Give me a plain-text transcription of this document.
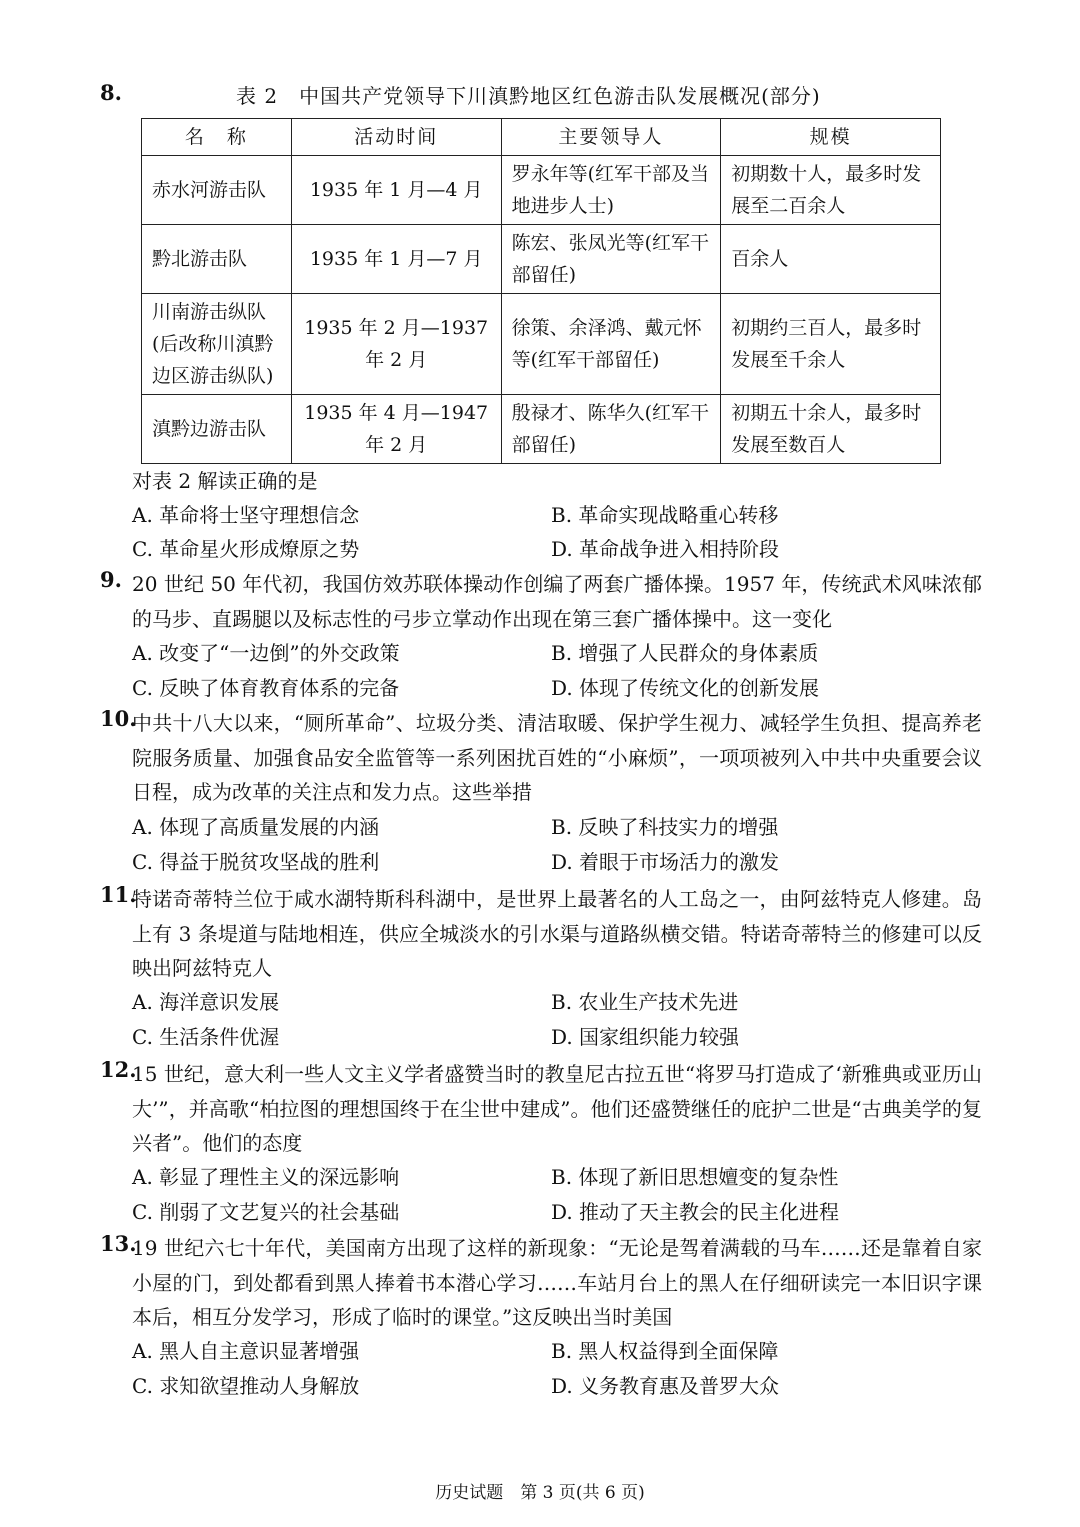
8.	表 2　中国共产党领导下川滇黔地区红色游击队发展概况(部分)
名　称	活动时间	主要领导人	规模
赤水河游击队	1935 年 1 月—4 月	罗永年等(红军干部及当地进步人士)	初期数十人，最多时发展至二百余人
黔北游击队	1935 年 1 月—7 月	陈宏、张凤光等(红军干部留任)	百余人
川南游击纵队(后改称川滇黔边区游击纵队)	1935 年 2 月—1937 年 2 月	徐策、余泽鸿、戴元怀等(红军干部留任)	初期约三百人，最多时发展至千余人
滇黔边游击队	1935 年 4 月—1947 年 2 月	殷禄才、陈华久(红军干部留任)	初期五十余人，最多时发展至数百人
对表 2 解读正确的是
A. 革命将士坚守理想信念	B. 革命实现战略重心转移
C. 革命星火形成燎原之势	D. 革命战争进入相持阶段
9. 20 世纪 50 年代初，我国仿效苏联体操动作创编了两套广播体操。1957 年，传统武术风味浓郁的马步、直踢腿以及标志性的弓步立掌动作出现在第三套广播体操中。这一变化
A. 改变了“一边倒”的外交政策	B. 增强了人民群众的身体素质
C. 反映了体育教育体系的完备	D. 体现了传统文化的创新发展
10.
中共十八大以来，“厕所革命”、垃圾分类、清洁取暖、保护学生视力、减轻学生负担、提高养老院服务质量、加强食品安全监管等一系列困扰百姓的“小麻烦”，一项项被列入中共中央重要会议日程，成为改革的关注点和发力点。这些举措
A. 体现了高质量发展的内涵	B. 反映了科技实力的增强
C. 得益于脱贫攻坚战的胜利	D. 着眼于市场活力的激发
11.
特诺奇蒂特兰位于咸水湖特斯科科湖中，是世界上最著名的人工岛之一，由阿兹特克人修建。岛上有 3 条堤道与陆地相连，供应全城淡水的引水渠与道路纵横交错。特诺奇蒂特兰的修建可以反映出阿兹特克人
A. 海洋意识发展	B. 农业生产技术先进
C. 生活条件优渥	D. 国家组织能力较强
12.
15 世纪，意大利一些人文主义学者盛赞当时的教皇尼古拉五世“将罗马打造成了‘新雅典或亚历山大’”，并高歌“柏拉图的理想国终于在尘世中建成”。他们还盛赞继任的庇护二世是“古典美学的复兴者”。他们的态度
A. 彰显了理性主义的深远影响	B. 体现了新旧思想嬗变的复杂性
C. 削弱了文艺复兴的社会基础	D. 推动了天主教会的民主化进程
13.
19 世纪六七十年代，美国南方出现了这样的新现象：“无论是驾着满载的马车……还是靠着自家小屋的门，到处都看到黑人捧着书本潜心学习……车站月台上的黑人在仔细研读完一本旧识字课本后，相互分发学习，形成了临时的课堂。”这反映出当时美国
A. 黑人自主意识显著增强	B. 黑人权益得到全面保障
C. 求知欲望推动人身解放	D. 义务教育惠及普罗大众
历史试题　第 3 页(共 6 页)
